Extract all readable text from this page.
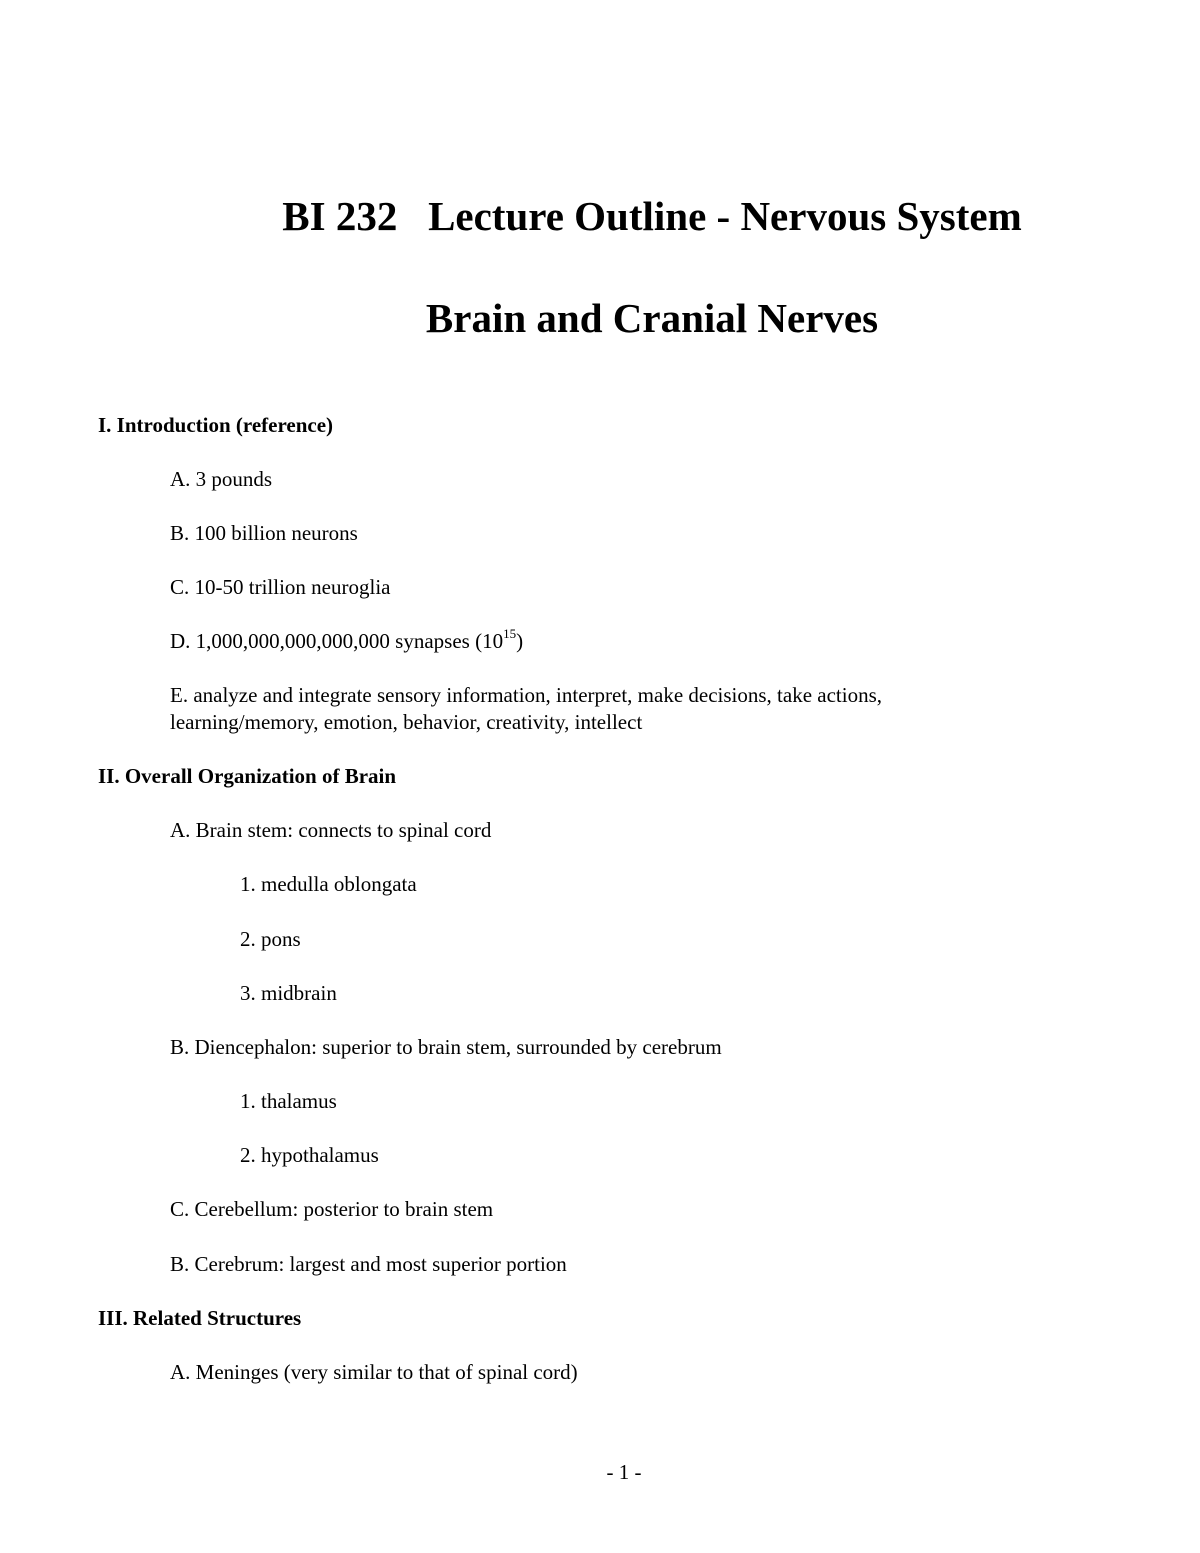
BI 232   Lecture Outline - Nervous System
Brain and Cranial Nerves
I. Introduction (reference)
A. 3 pounds
B. 100 billion neurons
C. 10-50 trillion neuroglia
D. 1,000,000,000,000,000 synapses $(10^{15})$
E. analyze and integrate sensory information, interpret, make decisions, take actions,
learning/memory, emotion, behavior, creativity, intellect
II. Overall Organization of Brain
A. Brain stem: connects to spinal cord
1. medulla oblongata
2. pons
3. midbrain
B. Diencephalon: superior to brain stem, surrounded by cerebrum
1. thalamus
2. hypothalamus
C. Cerebellum: posterior to brain stem
B. Cerebrum: largest and most superior portion
III. Related Structures
A. Meninges (very similar to that of spinal cord)
- 1 -
